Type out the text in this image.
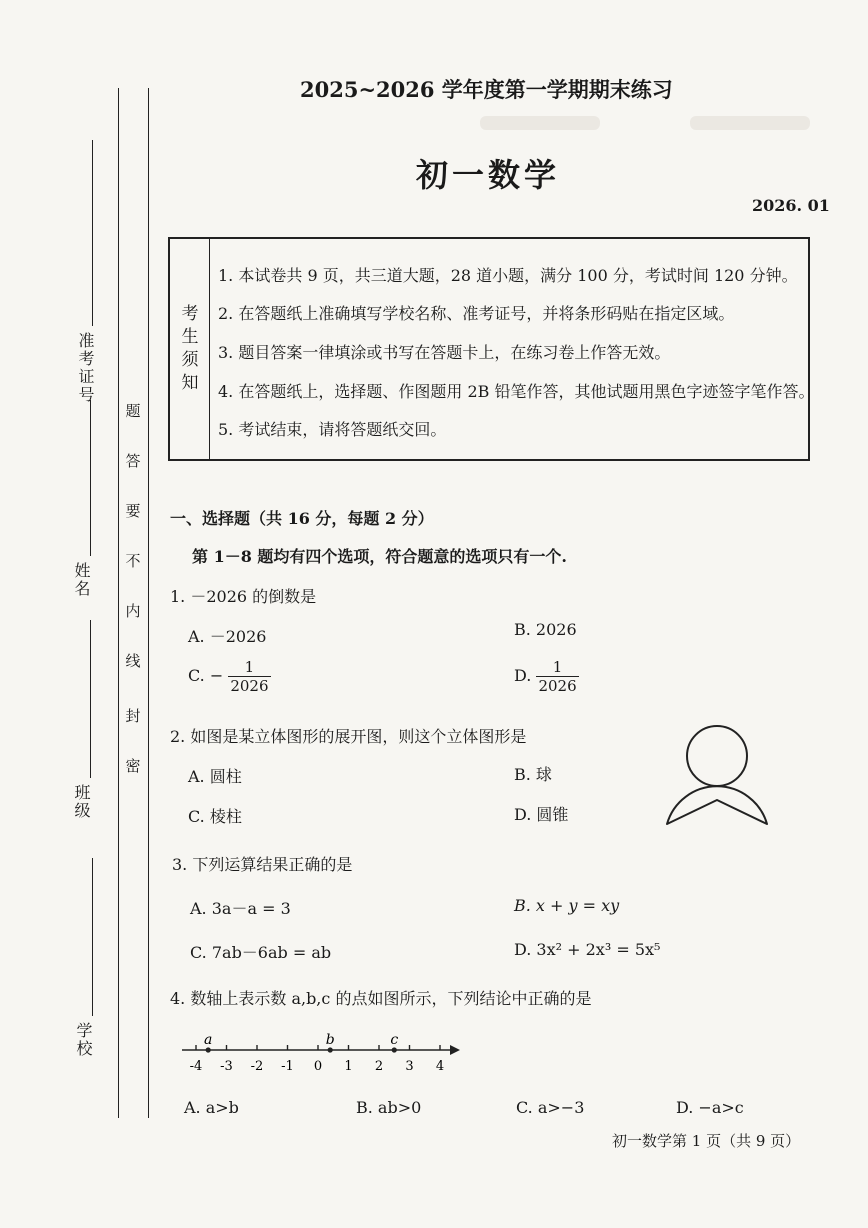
准考证号
姓名
班级
学校
题
答
要
不
内
线
封
密
2025~2026 学年度第一学期期末练习
初一数学
2026. 01
考生须知
1. 本试卷共 9 页，共三道大题，28 道小题，满分 100 分，考试时间 120 分钟。
2. 在答题纸上准确填写学校名称、准考证号，并将条形码贴在指定区域。
3. 题目答案一律填涂或书写在答题卡上，在练习卷上作答无效。
4. 在答题纸上，选择题、作图题用 2B 铅笔作答，其他试题用黑色字迹签字笔作答。
5. 考试结束，请将答题纸交回。
一、选择题（共 16 分，每题 2 分）
第 1－8 题均有四个选项，符合题意的选项只有一个.
1. －2026 的倒数是
A. －2026	B. 2026
C. − $\frac{1}{2026}$	D. $\frac{1}{2026}$
2. 如图是某立体图形的展开图，则这个立体图形是
A. 圆柱	B. 球
C. 棱柱	D. 圆锥
3. 下列运算结果正确的是
A. 3a－a = 3	B. x + y = xy
C. 7ab－6ab = ab	D. 3x² + 2x³ = 5x⁵
4. 数轴上表示数 a,b,c 的点如图所示，下列结论中正确的是
-4 -3 -2 -1 0 1 2 3 4
a	b	c
A. a>b	B. ab>0	C. a>−3	D. −a>c
初一数学第 1 页（共 9 页）
